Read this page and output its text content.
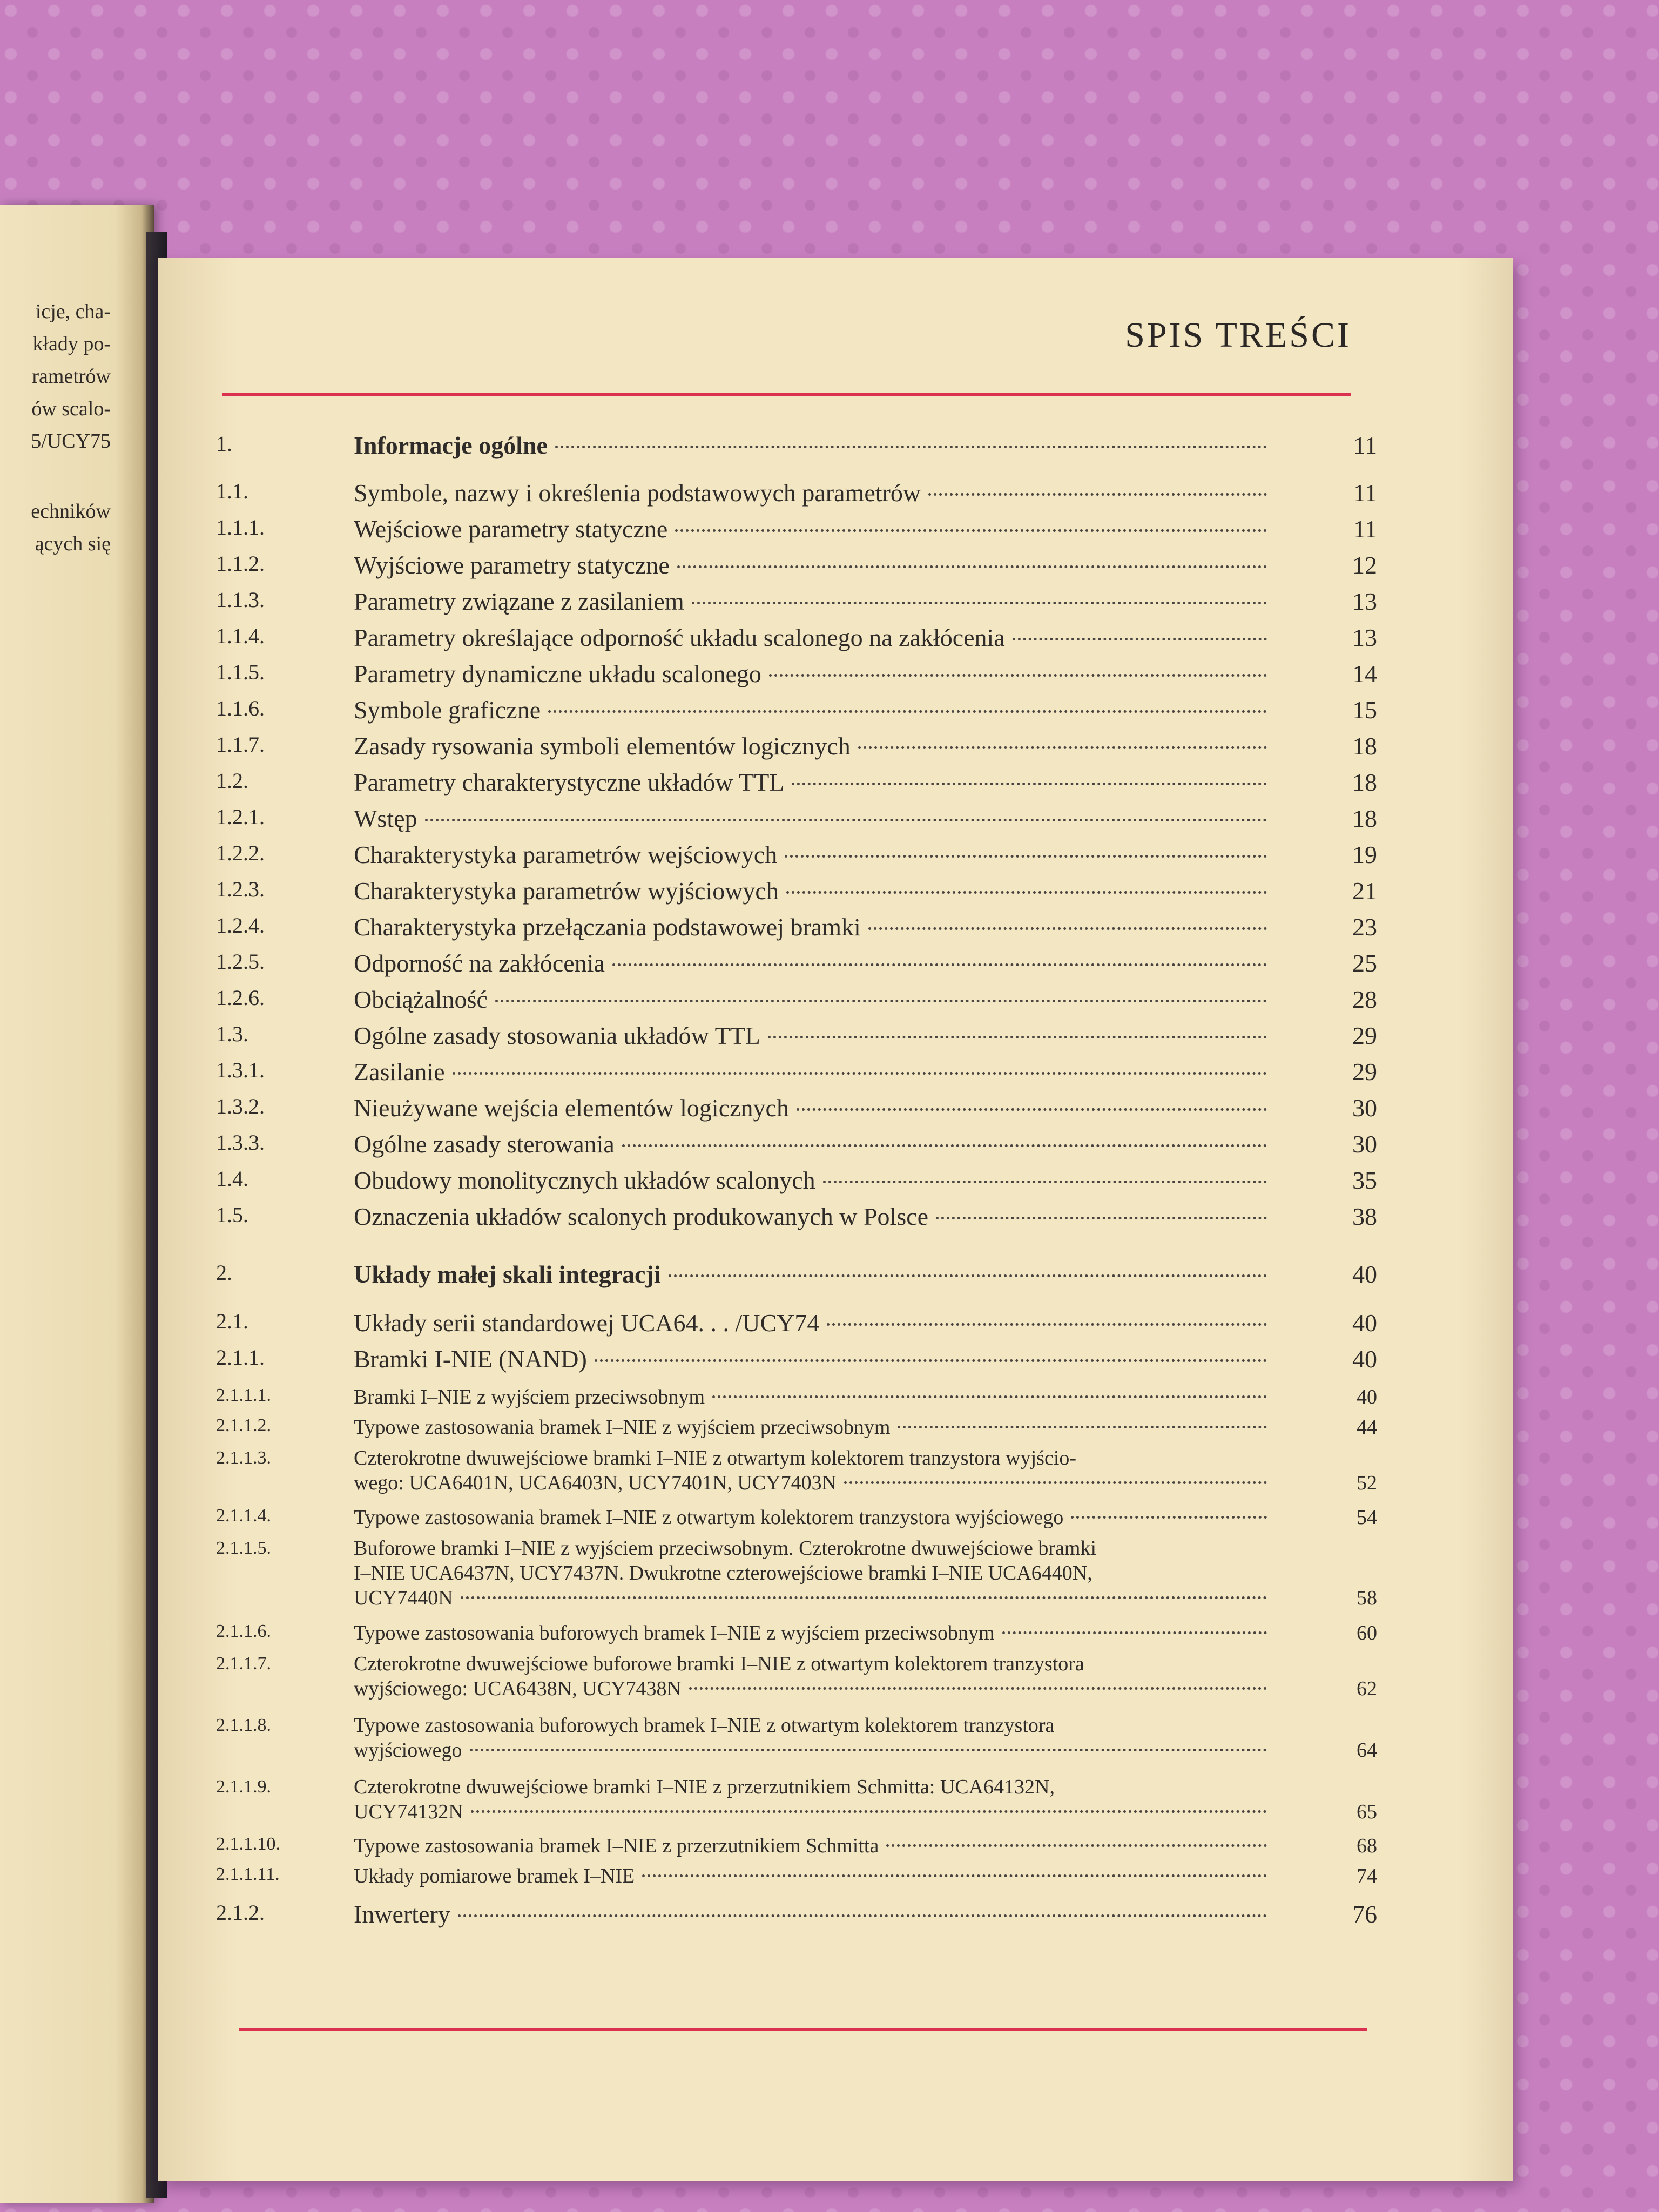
icje, cha-
kłady po-
rametrów
ów scalo-
5/UCY75
echników
ących się
SPIS TREŚCI
1.	Informacje ogólne	11
1.1.	Symbole, nazwy i określenia podstawowych parametrów	11
1.1.1.	Wejściowe parametry statyczne	11
1.1.2.	Wyjściowe parametry statyczne	12
1.1.3.	Parametry związane z zasilaniem	13
1.1.4.	Parametry określające odporność układu scalonego na zakłócenia	13
1.1.5.	Parametry dynamiczne układu scalonego	14
1.1.6.	Symbole graficzne	15
1.1.7.	Zasady rysowania symboli elementów logicznych	18
1.2.	Parametry charakterystyczne układów TTL	18
1.2.1.	Wstęp	18
1.2.2.	Charakterystyka parametrów wejściowych	19
1.2.3.	Charakterystyka parametrów wyjściowych	21
1.2.4.	Charakterystyka przełączania podstawowej bramki	23
1.2.5.	Odporność na zakłócenia	25
1.2.6.	Obciążalność	28
1.3.	Ogólne zasady stosowania układów TTL	29
1.3.1.	Zasilanie	29
1.3.2.	Nieużywane wejścia elementów logicznych	30
1.3.3.	Ogólne zasady sterowania	30
1.4.	Obudowy monolitycznych układów scalonych	35
1.5.	Oznaczenia układów scalonych produkowanych w Polsce	38
2.	Układy małej skali integracji	40
2.1.	Układy serii standardowej UCA64. . . /UCY74	40
2.1.1.	Bramki I-NIE (NAND)	40
2.1.1.1.	Bramki I–NIE z wyjściem przeciwsobnym	40
2.1.1.2.	Typowe zastosowania bramek I–NIE z wyjściem przeciwsobnym	44
2.1.1.3.	Czterokrotne dwuwejściowe bramki I–NIE z otwartym kolektorem tranzystora wyjścio-
wego: UCA6401N, UCA6403N, UCY7401N, UCY7403N	52
2.1.1.4.	Typowe zastosowania bramek I–NIE z otwartym kolektorem tranzystora wyjściowego	54
2.1.1.5.	Buforowe bramki I–NIE z wyjściem przeciwsobnym. Czterokrotne dwuwejściowe bramki
I–NIE UCA6437N, UCY7437N. Dwukrotne czterowejściowe bramki I–NIE UCA6440N,
UCY7440N	58
2.1.1.6.	Typowe zastosowania buforowych bramek I–NIE z wyjściem przeciwsobnym	60
2.1.1.7.	Czterokrotne dwuwejściowe buforowe bramki I–NIE z otwartym kolektorem tranzystora
wyjściowego: UCA6438N, UCY7438N	62
2.1.1.8.	Typowe zastosowania buforowych bramek I–NIE z otwartym kolektorem tranzystora
wyjściowego	64
2.1.1.9.	Czterokrotne dwuwejściowe bramki I–NIE z przerzutnikiem Schmitta: UCA64132N,
UCY74132N	65
2.1.1.10.	Typowe zastosowania bramek I–NIE z przerzutnikiem Schmitta	68
2.1.1.11.	Układy pomiarowe bramek I–NIE	74
2.1.2.	Inwertery	76
